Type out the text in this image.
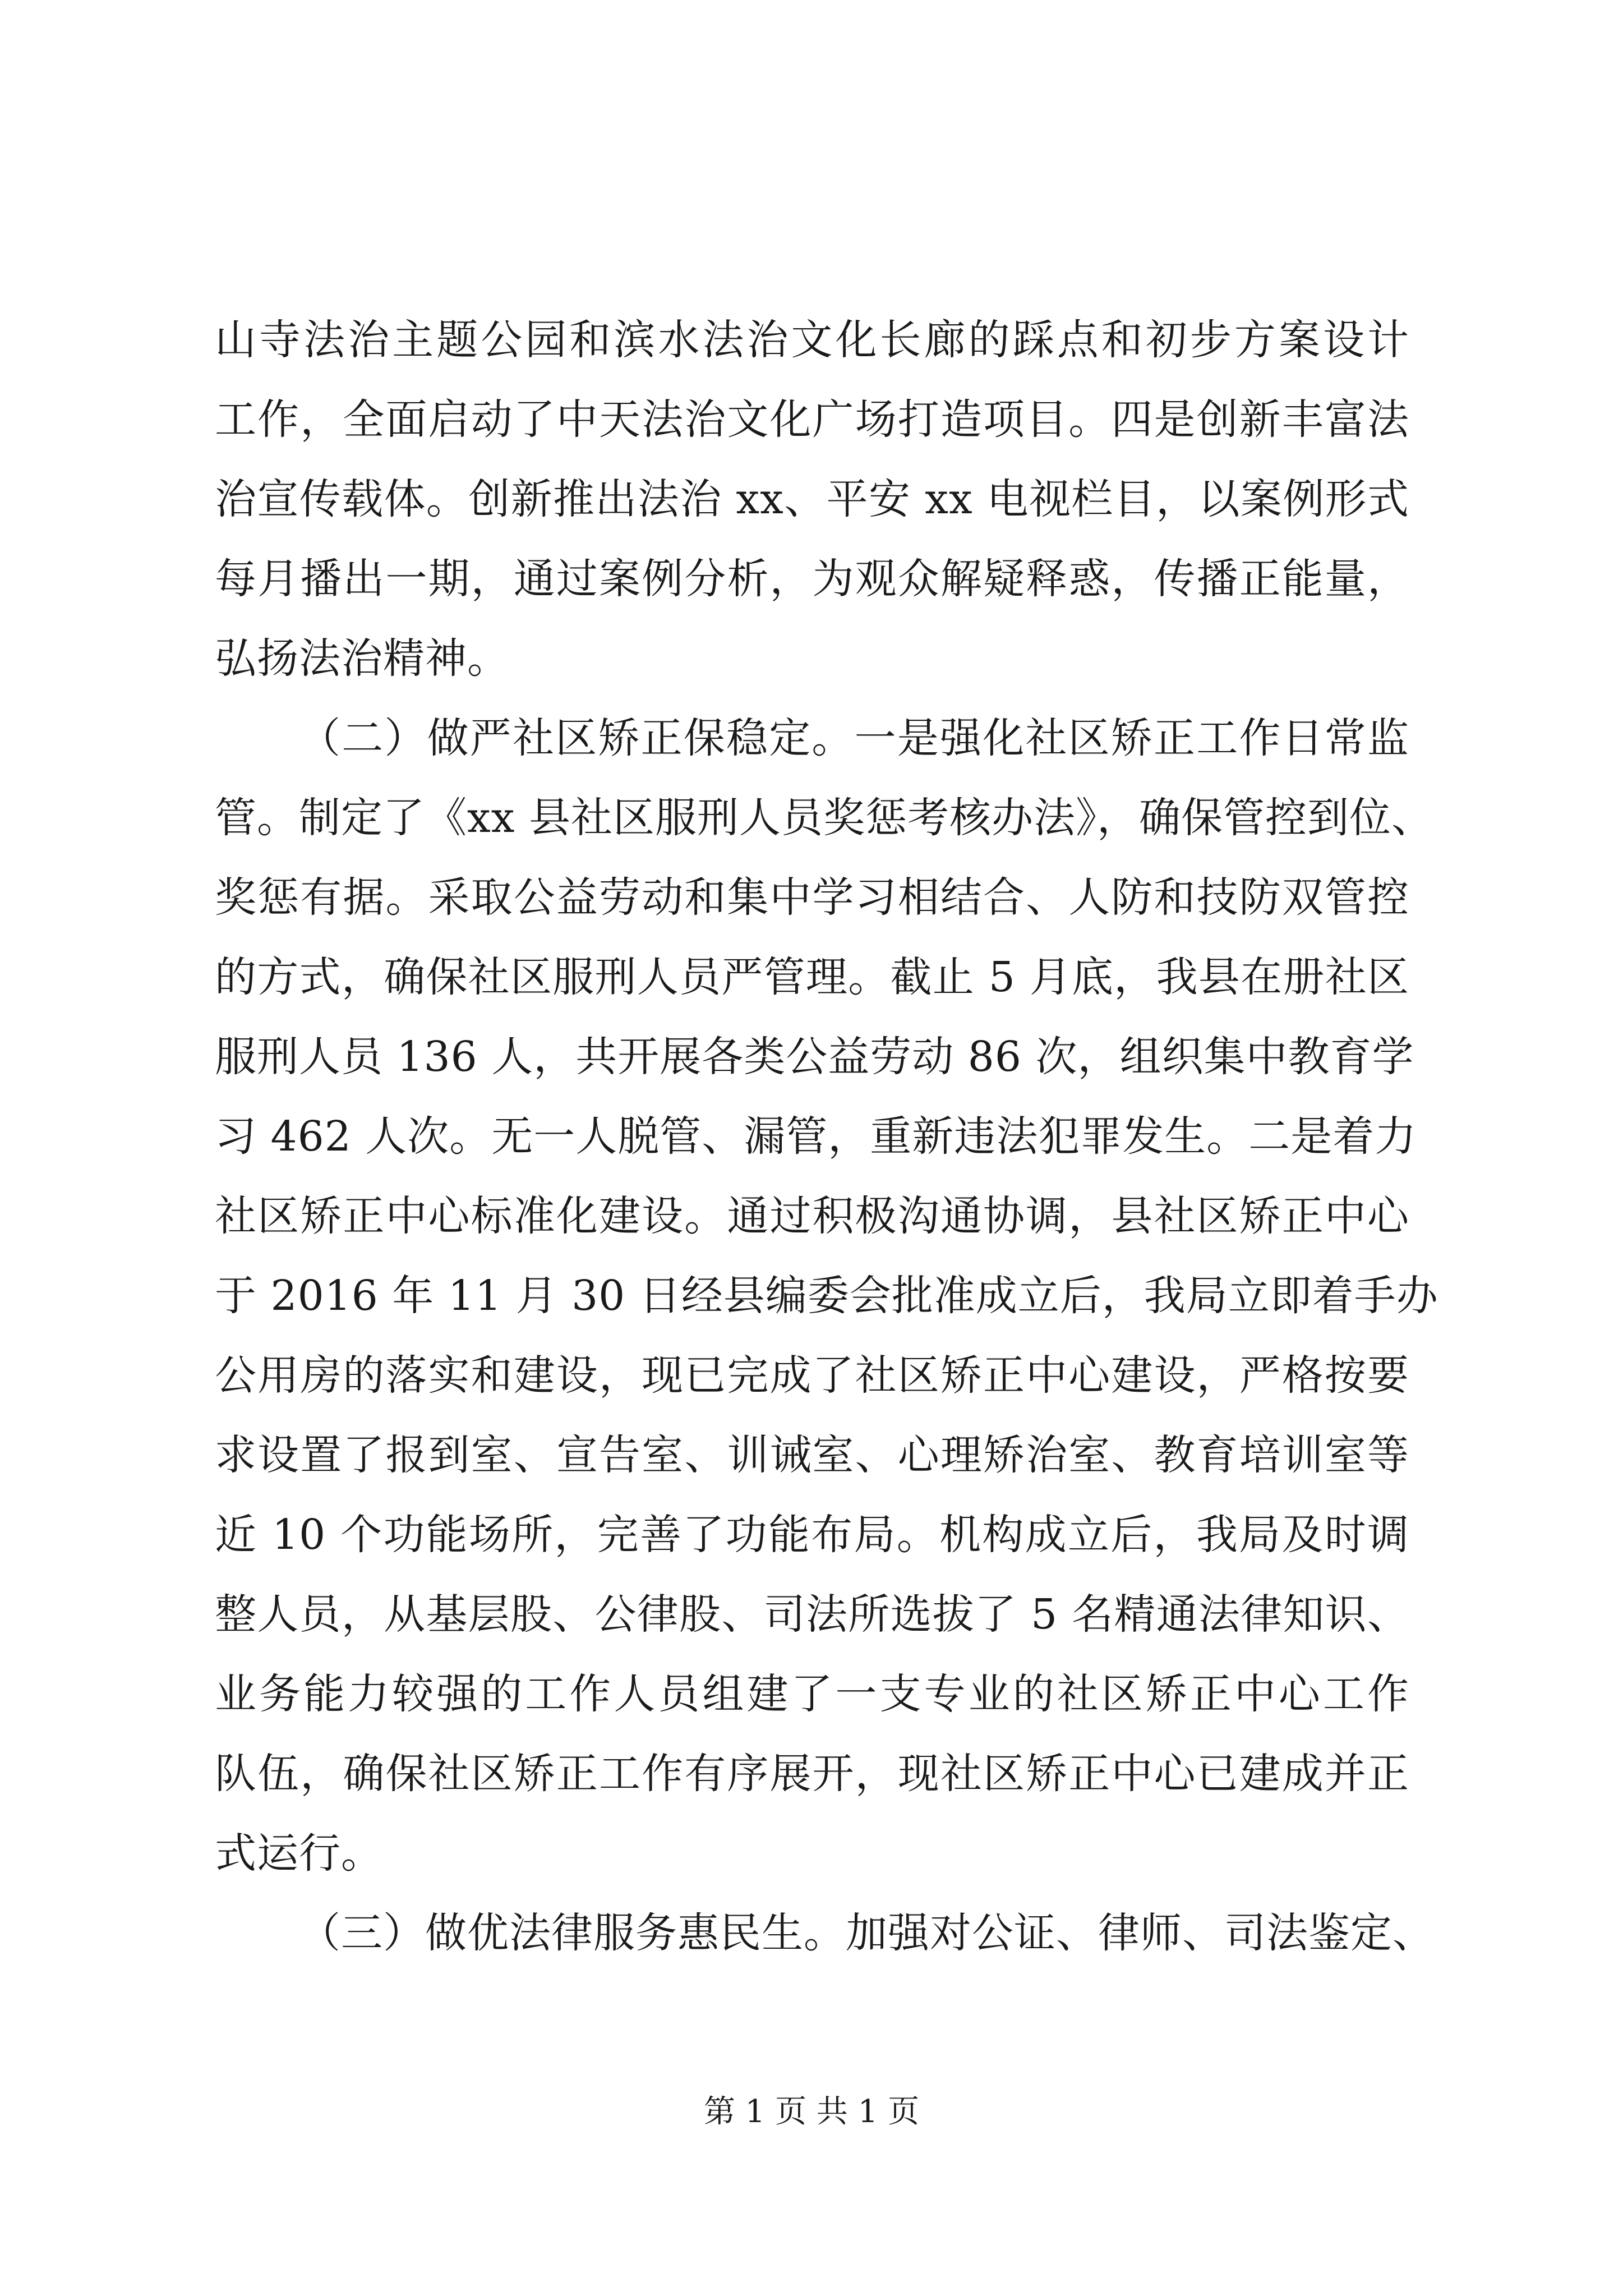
山寺法治主题公园和滨水法治文化长廊的踩点和初步方案设计
工作，全面启动了中天法治文化广场打造项目。四是创新丰富法
治宣传载体。创新推出法治 xx、平安 xx 电视栏目，以案例形式
每月播出一期，通过案例分析，为观众解疑释惑，传播正能量，
弘扬法治精神。
（二）做严社区矫正保稳定。一是强化社区矫正工作日常监
管。制定了《xx 县社区服刑人员奖惩考核办法》，确保管控到位、
奖惩有据。采取公益劳动和集中学习相结合、人防和技防双管控
的方式，确保社区服刑人员严管理。截止 5 月底，我县在册社区
服刑人员 136 人，共开展各类公益劳动 86 次，组织集中教育学
习 462 人次。无一人脱管、漏管，重新违法犯罪发生。二是着力
社区矫正中心标准化建设。通过积极沟通协调，县社区矫正中心
于 2016 年 11 月 30 日经县编委会批准成立后，我局立即着手办
公用房的落实和建设，现已完成了社区矫正中心建设，严格按要
求设置了报到室、宣告室、训诫室、心理矫治室、教育培训室等
近 10 个功能场所，完善了功能布局。机构成立后，我局及时调
整人员，从基层股、公律股、司法所选拔了 5 名精通法律知识、
业务能力较强的工作人员组建了一支专业的社区矫正中心工作
队伍，确保社区矫正工作有序展开，现社区矫正中心已建成并正
式运行。
（三）做优法律服务惠民生。加强对公证、律师、司法鉴定、
第 1 页 共 1 页
